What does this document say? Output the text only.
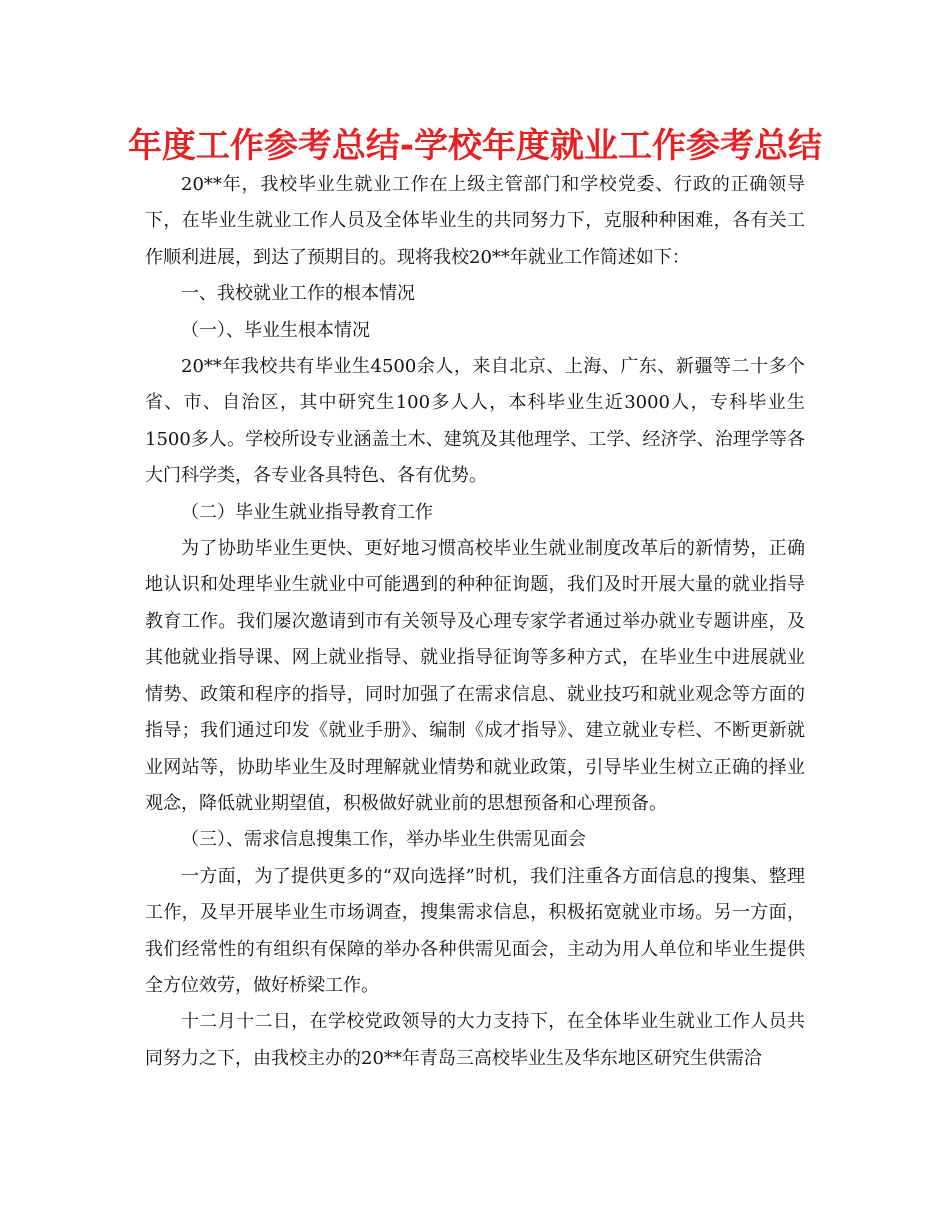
年度工作参考总结-学校年度就业工作参考总结

20**年，我校毕业生就业工作在上级主管部门和学校党委、行政的正确领导下，在毕业生就业工作人员及全体毕业生的共同努力下，克服种种困难，各有关工作顺利进展，到达了预期目的。现将我校20**年就业工作简述如下：

一、我校就业工作的根本情况

（一）、毕业生根本情况

20**年我校共有毕业生4500余人，来自北京、上海、广东、新疆等二十多个省、市、自治区，其中研究生100多人人，本科毕业生近3000人，专科毕业生1500多人。学校所设专业涵盖土木、建筑及其他理学、工学、经济学、治理学等各大门科学类，各专业各具特色、各有优势。

（二）毕业生就业指导教育工作

为了协助毕业生更快、更好地习惯高校毕业生就业制度改革后的新情势，正确地认识和处理毕业生就业中可能遇到的种种征询题，我们及时开展大量的就业指导教育工作。我们屡次邀请到市有关领导及心理专家学者通过举办就业专题讲座，及其他就业指导课、网上就业指导、就业指导征询等多种方式，在毕业生中进展就业情势、政策和程序的指导，同时加强了在需求信息、就业技巧和就业观念等方面的指导；我们通过印发《就业手册》、编制《成才指导》、建立就业专栏、不断更新就业网站等，协助毕业生及时理解就业情势和就业政策，引导毕业生树立正确的择业观念，降低就业期望值，积极做好就业前的思想预备和心理预备。

（三）、需求信息搜集工作，举办毕业生供需见面会

一方面，为了提供更多的“双向选择”时机，我们注重各方面信息的搜集、整理工作，及早开展毕业生市场调查，搜集需求信息，积极拓宽就业市场。另一方面，我们经常性的有组织有保障的举办各种供需见面会，主动为用人单位和毕业生提供全方位效劳，做好桥梁工作。

十二月十二日，在学校党政领导的大力支持下，在全体毕业生就业工作人员共同努力之下，由我校主办的20**年青岛三高校毕业生及华东地区研究生供需洽
